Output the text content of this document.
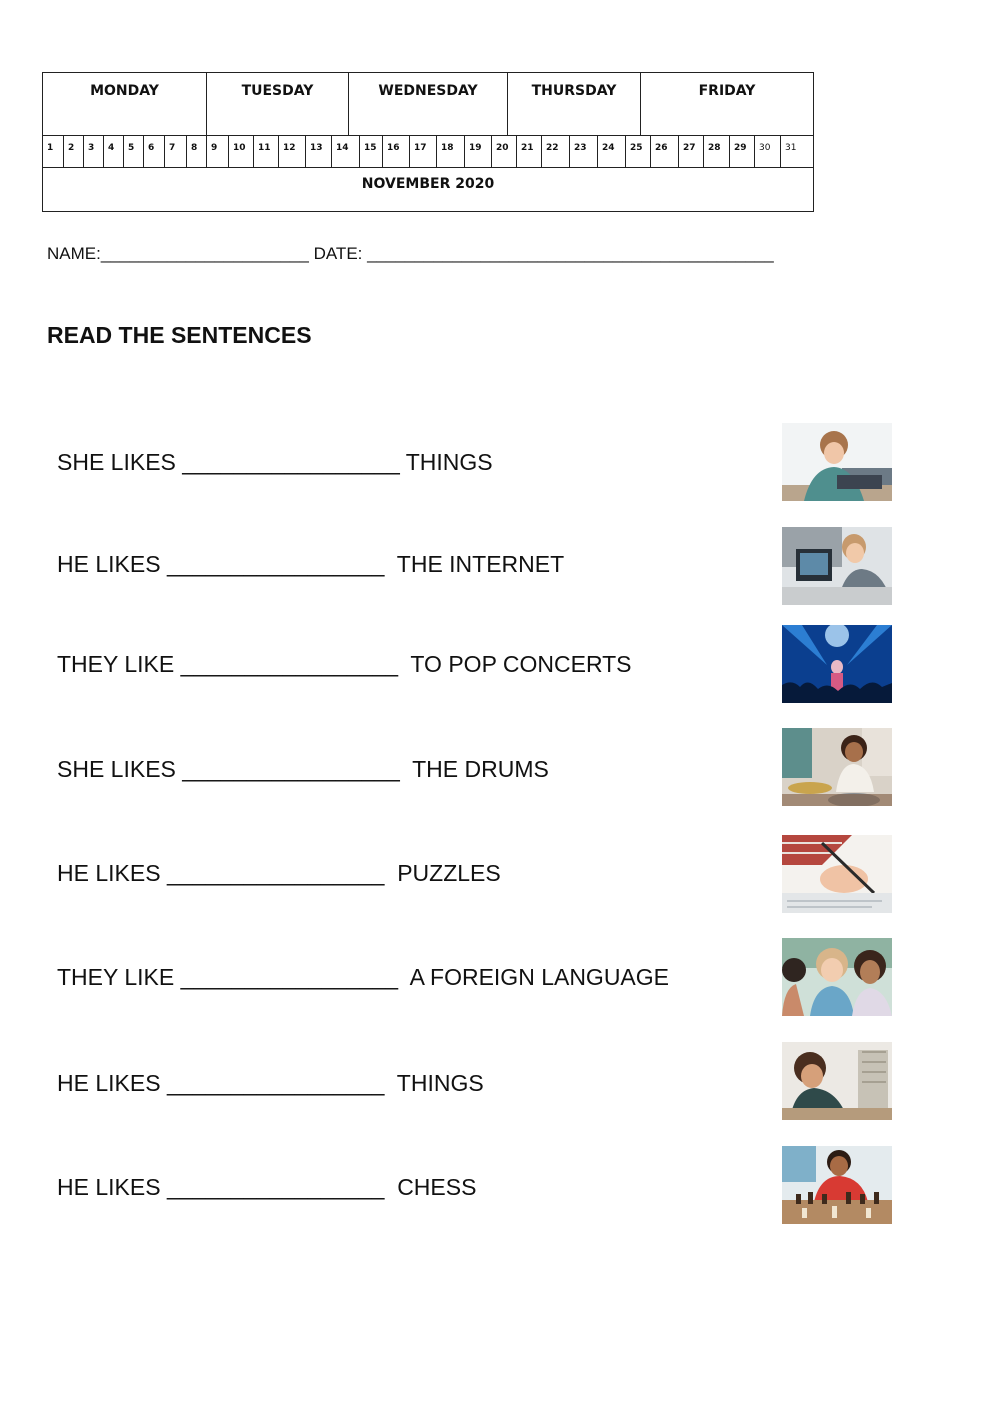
MONDAY	TUESDAY	WEDNESDAY	THURSDAY	FRIDAY
1	2	3	4	5	6	7	8	9	10	11	12	13	14	15	16	17	18	19	20	21	22	23	24	25	26	27	28	29	30	31
NOVEMBER 2020
NAME:______________________ DATE: ___________________________________________
READ THE SENTENCES
SHE LIKES _________________ THINGS
HE LIKES _________________ THE INTERNET
THEY LIKE _________________ TO POP CONCERTS
SHE LIKES _________________ THE DRUMS
HE LIKES _________________ PUZZLES
THEY LIKE _________________ A FOREIGN LANGUAGE
HE LIKES _________________ THINGS
HE LIKES _________________ CHESS
